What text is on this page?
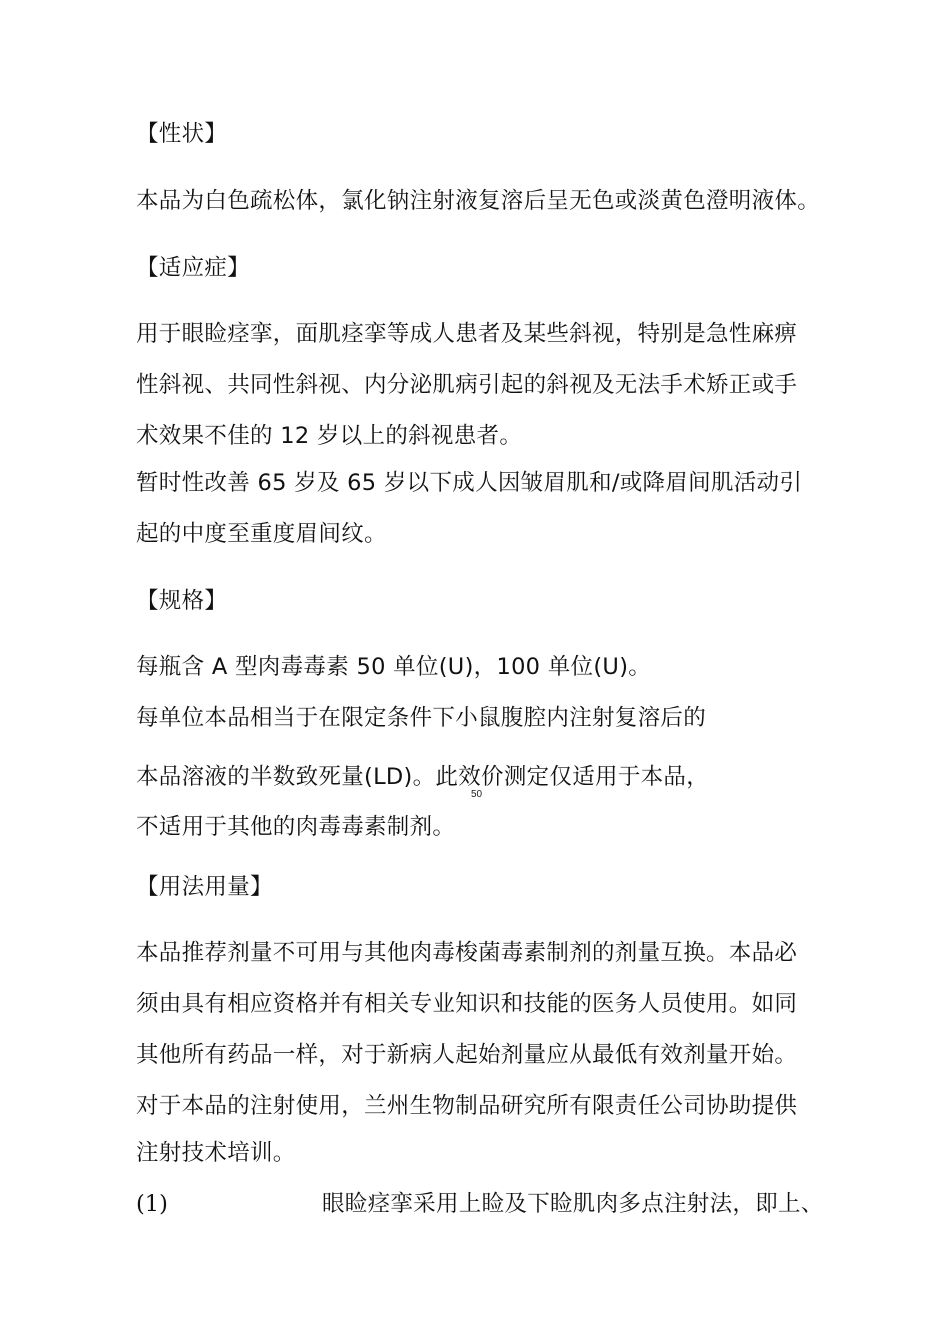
【性状】
本品为白色疏松体，氯化钠注射液复溶后呈无色或淡黄色澄明液体。
【适应症】
用于眼睑痉挛，面肌痉挛等成人患者及某些斜视，特别是急性麻痹
性斜视、共同性斜视、内分泌肌病引起的斜视及无法手术矫正或手
术效果不佳的 12 岁以上的斜视患者。
暂时性改善 65 岁及 65 岁以下成人因皱眉肌和/或降眉间肌活动引
起的中度至重度眉间纹。
【规格】
每瓶含 A 型肉毒毒素 50 单位(U)，100 单位(U)。
每单位本品相当于在限定条件下小鼠腹腔内注射复溶后的
本品溶液的半数致死量(LD)。此效价测定仅适用于本品，
50
不适用于其他的肉毒毒素制剂。
【用法用量】
本品推荐剂量不可用与其他肉毒梭菌毒素制剂的剂量互换。本品必
须由具有相应资格并有相关专业知识和技能的医务人员使用。如同
其他所有药品一样，对于新病人起始剂量应从最低有效剂量开始。
对于本品的注射使用，兰州生物制品研究所有限责任公司协助提供
注射技术培训。
(1)	眼睑痉挛采用上睑及下睑肌肉多点注射法，即上、
